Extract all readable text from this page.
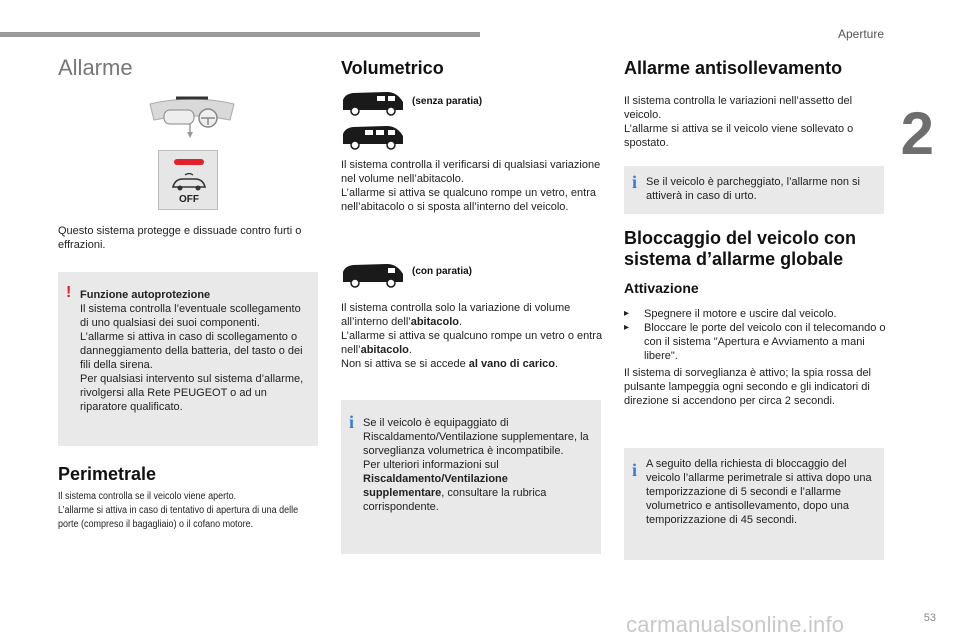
Aperture
2
53
carmanualsonline.info
Allarme
OFF

Questo sistema protegge e dissuade contro furti o effrazioni.

! Funzione autoprotezione
Il sistema controlla l’eventuale scollegamento di uno qualsiasi dei suoi componenti.
L’allarme si attiva in caso di scollegamento o danneggiamento della batteria, del tasto o dei fili della sirena.
Per qualsiasi intervento sul sistema d’allarme, rivolgersi alla Rete PEUGEOT o ad un riparatore qualificato.
Perimetrale

Il sistema controlla se il veicolo viene aperto.
L’allarme si attiva in caso di tentativo di apertura di una delle porte (compreso il bagagliaio) o il cofano motore.

Volumetrico
(senza paratia)

Il sistema controlla il verificarsi di qualsiasi variazione nel volume nell’abitacolo.
L’allarme si attiva se qualcuno rompe un vetro, entra nell’abitacolo o si sposta all’interno del veicolo.

(con paratia)

Il sistema controlla solo la variazione di volume all’interno dell’abitacolo.
L’allarme si attiva se qualcuno rompe un vetro o entra nell’abitacolo.
Non si attiva se si accede al vano di carico.

i Se il veicolo è equipaggiato di Riscaldamento/Ventilazione supplementare, la sorveglianza volumetrica è incompatibile.
Per ulteriori informazioni sul Riscaldamento/Ventilazione supplementare, consultare la rubrica corrispondente.
Allarme antisollevamento

Il sistema controlla le variazioni nell’assetto del veicolo.
L’allarme si attiva se il veicolo viene sollevato o spostato.

i Se il veicolo è parcheggiato, l’allarme non si attiverà in caso di urto.
Bloccaggio del veicolo con sistema d’allarme globale
Attivazione
▸ Spegnere il motore e uscire dal veicolo.
▸ Bloccare le porte del veicolo con il telecomando o con il sistema "Apertura e Avviamento a mani libere".

Il sistema di sorveglianza è attivo; la spia rossa del pulsante lampeggia ogni secondo e gli indicatori di direzione si accendono per circa 2 secondi.

i A seguito della richiesta di bloccaggio del veicolo l’allarme perimetrale si attiva dopo una temporizzazione di 5 secondi e l’allarme volumetrico e antisollevamento, dopo una temporizzazione di 45 secondi.
